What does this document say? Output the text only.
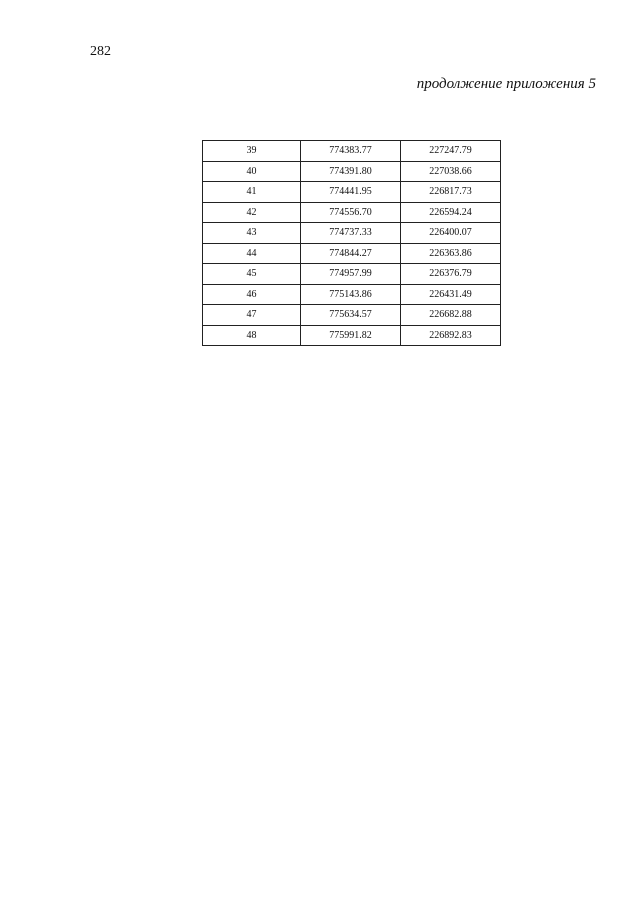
282
продолжение приложения 5
39	774383.77	227247.79
40	774391.80	227038.66
41	774441.95	226817.73
42	774556.70	226594.24
43	774737.33	226400.07
44	774844.27	226363.86
45	774957.99	226376.79
46	775143.86	226431.49
47	775634.57	226682.88
48	775991.82	226892.83
